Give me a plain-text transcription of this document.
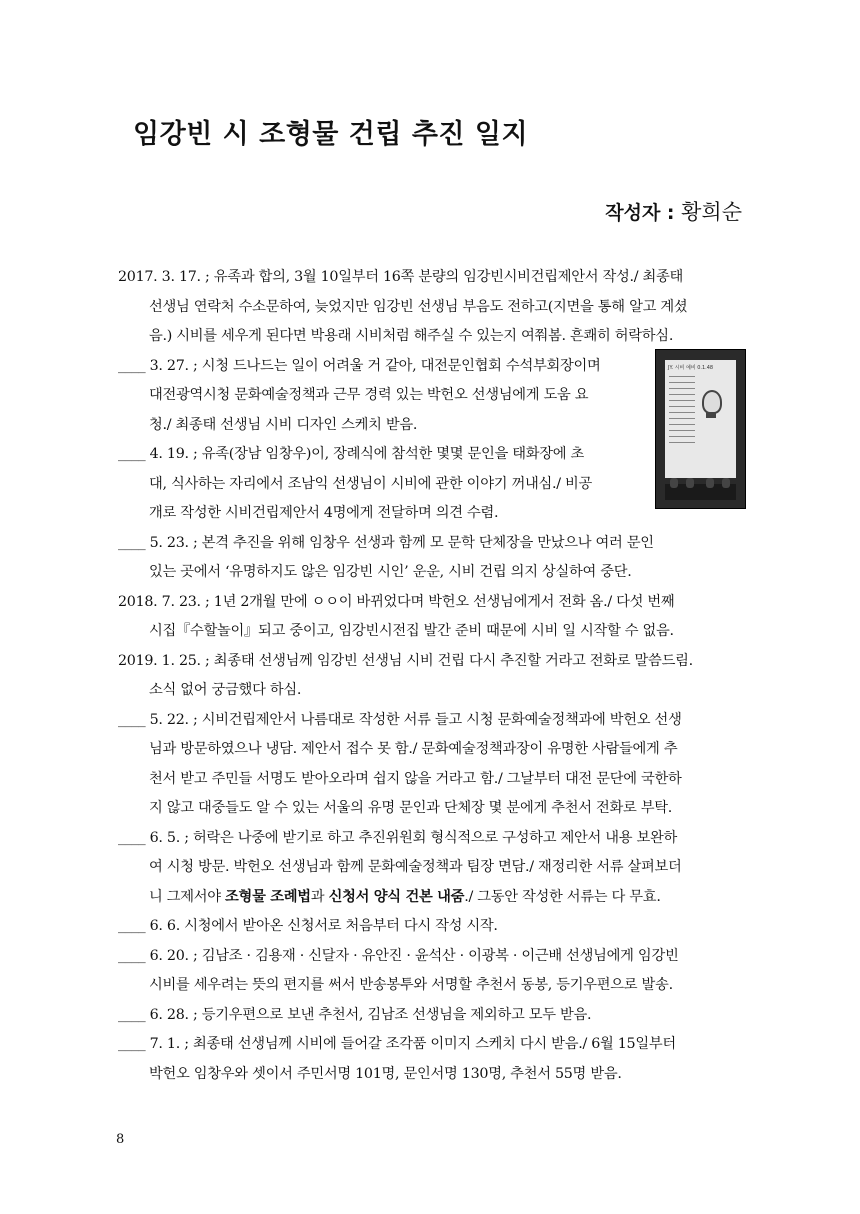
임강빈 시 조형물 건립 추진 일지
작성자 : 황희순
JY. 시비 예비 0.1.48
2017. 3. 17. ; 유족과 합의, 3월 10일부터 16쪽 분량의 임강빈시비건립제안서 작성./ 최종태
선생님 연락처 수소문하여, 늦었지만 임강빈 선생님 부음도 전하고(지면을 통해 알고 계셨
음.) 시비를 세우게 된다면 박용래 시비처럼 해주실 수 있는지 여쭤봄. 흔쾌히 허락하심.
____ 3. 27. ; 시청 드나드는 일이 어려울 거 같아, 대전문인협회 수석부회장이며
대전광역시청 문화예술정책과 근무 경력 있는 박헌오 선생님에게 도움 요
청./ 최종태 선생님 시비 디자인 스케치 받음.
____ 4. 19. ; 유족(장남 임창우)이, 장례식에 참석한 몇몇 문인을 태화장에 초
대, 식사하는 자리에서 조남익 선생님이 시비에 관한 이야기 꺼내심./ 비공
개로 작성한 시비건립제안서 4명에게 전달하며 의견 수렴.
____ 5. 23. ; 본격 추진을 위해 임창우 선생과 함께 모 문학 단체장을 만났으나 여러 문인
있는 곳에서 ‘유명하지도 않은 임강빈 시인’ 운운, 시비 건립 의지 상실하여 중단.
2018. 7. 23. ; 1년 2개월 만에 ㅇㅇ이 바뀌었다며 박헌오 선생님에게서 전화 옴./ 다섯 번째
시집『수할놀이』되고 중이고, 임강빈시전집 발간 준비 때문에 시비 일 시작할 수 없음.
2019. 1. 25. ; 최종태 선생님께 임강빈 선생님 시비 건립 다시 추진할 거라고 전화로 말씀드림.
소식 없어 궁금했다 하심.
____ 5. 22. ; 시비건립제안서 나름대로 작성한 서류 들고 시청 문화예술정책과에 박헌오 선생
님과 방문하였으나 냉담. 제안서 접수 못 함./ 문화예술정책과장이 유명한 사람들에게 추
천서 받고 주민들 서명도 받아오라며 쉽지 않을 거라고 함./ 그날부터 대전 문단에 국한하
지 않고 대중들도 알 수 있는 서울의 유명 문인과 단체장 몇 분에게 추천서 전화로 부탁.
____ 6. 5. ; 허락은 나중에 받기로 하고 추진위원회 형식적으로 구성하고 제안서 내용 보완하
여 시청 방문. 박헌오 선생님과 함께 문화예술정책과 팀장 면담./ 재정리한 서류 살펴보더
니 그제서야 조형물 조례법과 신청서 양식 건본 내줌./ 그동안 작성한 서류는 다 무효.
____ 6. 6. 시청에서 받아온 신청서로 처음부터 다시 작성 시작.
____ 6. 20. ; 김남조 · 김용재 · 신달자 · 유안진 · 윤석산 · 이광복 · 이근배 선생님에게 임강빈
시비를 세우려는 뜻의 편지를 써서 반송봉투와 서명할 추천서 동봉, 등기우편으로 발송.
____ 6. 28. ; 등기우편으로 보낸 추천서, 김남조 선생님을 제외하고 모두 받음.
____ 7. 1. ; 최종태 선생님께 시비에 들어갈 조각품 이미지 스케치 다시 받음./ 6월 15일부터
박헌오 임창우와 셋이서 주민서명 101명, 문인서명 130명, 추천서 55명 받음.
8
